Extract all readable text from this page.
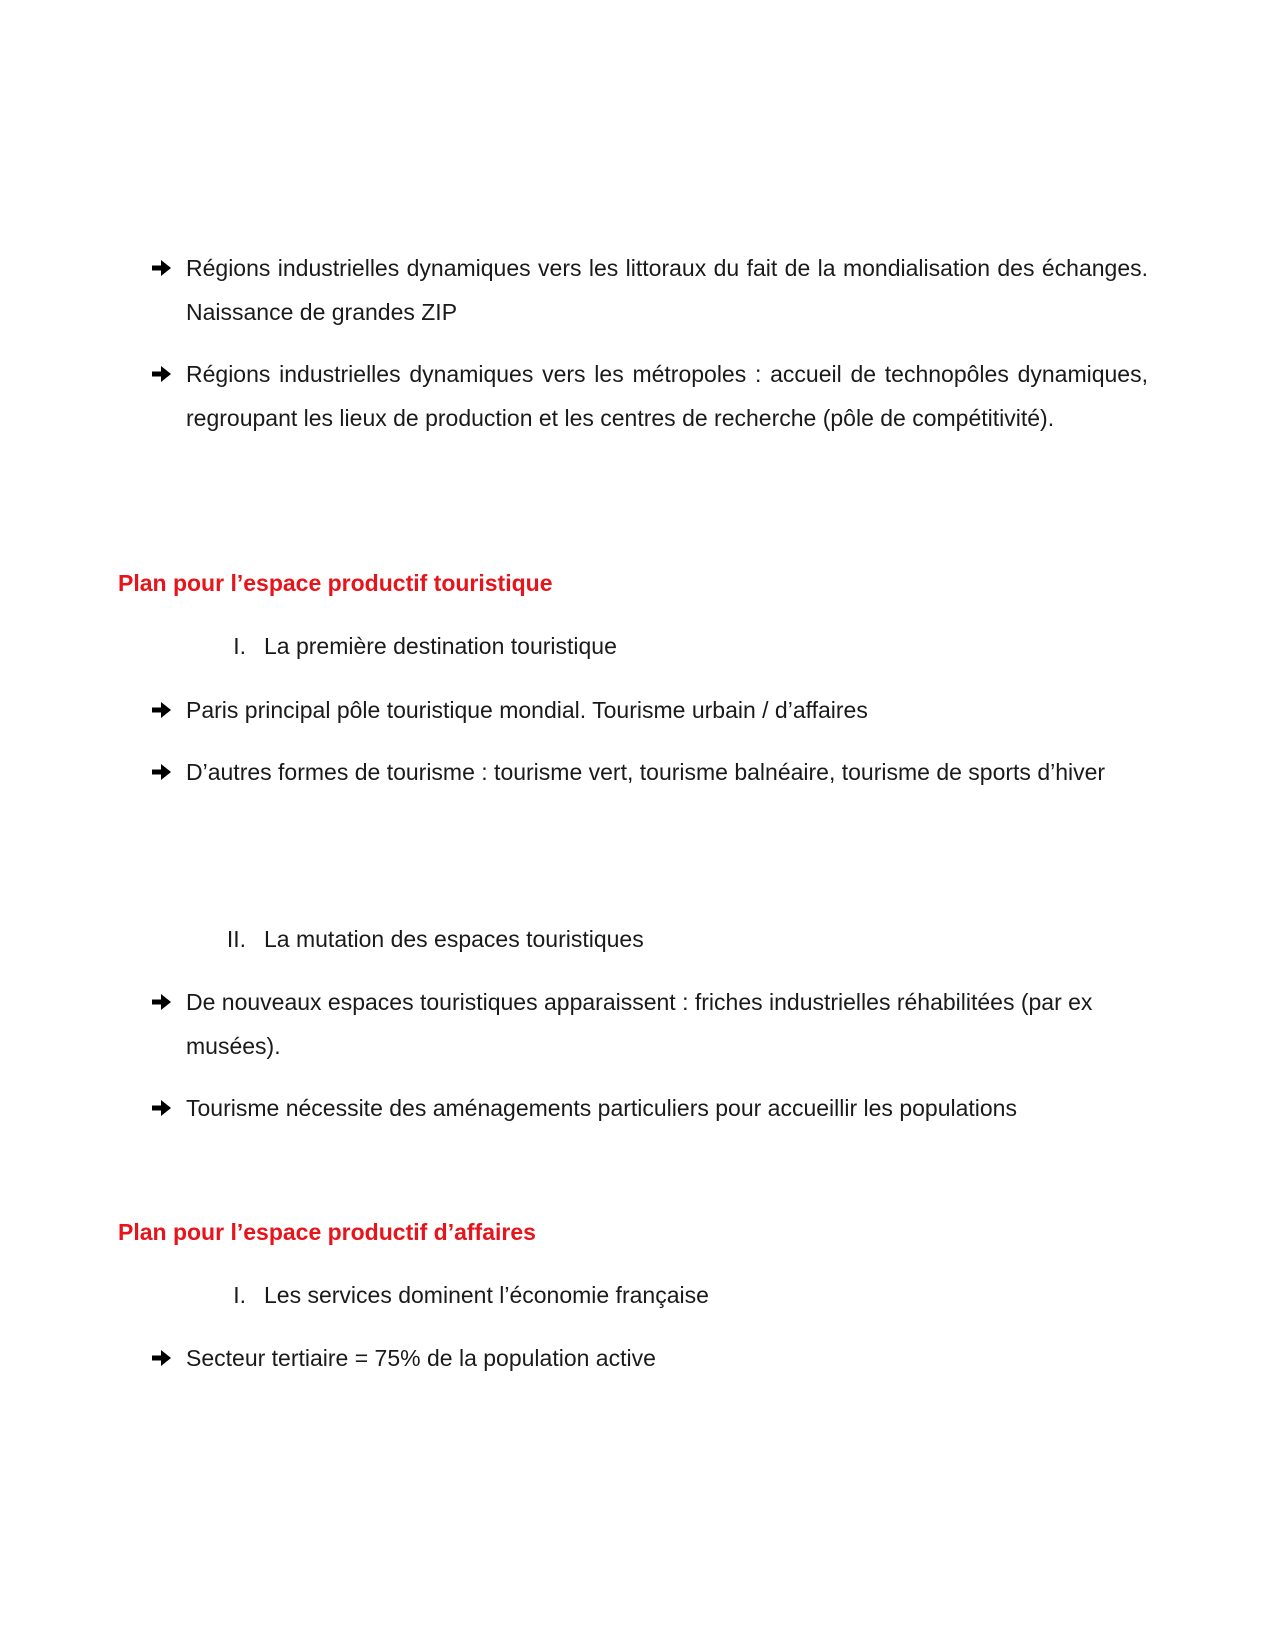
Régions industrielles dynamiques vers les littoraux du fait de la mondialisation des échanges. Naissance de grandes ZIP
Régions industrielles dynamiques vers les métropoles : accueil de technopôles dynamiques, regroupant les lieux de production et les centres de recherche (pôle de compétitivité).
Plan pour l’espace productif touristique
I. La première destination touristique
Paris principal pôle touristique mondial. Tourisme urbain / d’affaires
D’autres formes de tourisme : tourisme vert, tourisme balnéaire, tourisme de sports d’hiver
II. La mutation des espaces touristiques
De nouveaux espaces touristiques apparaissent : friches industrielles réhabilitées (par ex musées).
Tourisme nécessite des aménagements particuliers pour accueillir les populations
Plan pour l’espace productif d’affaires
I. Les services dominent l’économie française
Secteur tertiaire = 75% de la population active
